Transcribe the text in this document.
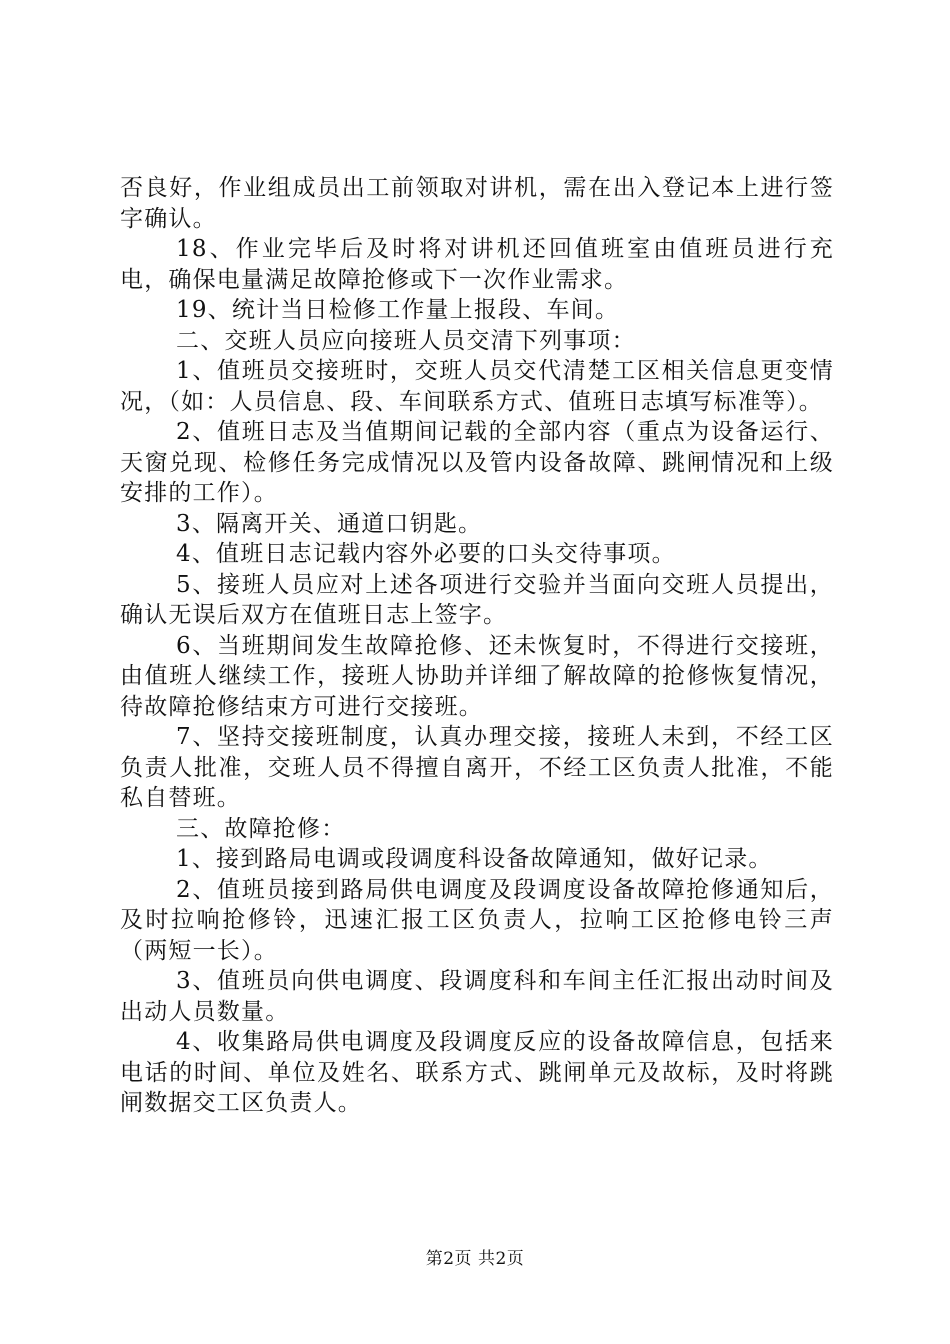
否良好，作业组成员出工前领取对讲机，需在出入登记本上进行签字确认。

18、作业完毕后及时将对讲机还回值班室由值班员进行充电，确保电量满足故障抢修或下一次作业需求。

19、统计当日检修工作量上报段、车间。

二、交班人员应向接班人员交清下列事项：

1、值班员交接班时，交班人员交代清楚工区相关信息更变情况，（如：人员信息、段、车间联系方式、值班日志填写标准等）。

2、值班日志及当值期间记载的全部内容（重点为设备运行、天窗兑现、检修任务完成情况以及管内设备故障、跳闸情况和上级安排的工作）。

3、隔离开关、通道口钥匙。

4、值班日志记载内容外必要的口头交待事项。

5、接班人员应对上述各项进行交验并当面向交班人员提出，确认无误后双方在值班日志上签字。

6、当班期间发生故障抢修、还未恢复时，不得进行交接班，由值班人继续工作，接班人协助并详细了解故障的抢修恢复情况，待故障抢修结束方可进行交接班。

7、坚持交接班制度，认真办理交接，接班人未到，不经工区负责人批准，交班人员不得擅自离开，不经工区负责人批准，不能私自替班。

三、故障抢修：

1、接到路局电调或段调度科设备故障通知，做好记录。

2、值班员接到路局供电调度及段调度设备故障抢修通知后，及时拉响抢修铃，迅速汇报工区负责人，拉响工区抢修电铃三声（两短一长）。

3、值班员向供电调度、段调度科和车间主任汇报出动时间及出动人员数量。

4、收集路局供电调度及段调度反应的设备故障信息，包括来电话的时间、单位及姓名、联系方式、跳闸单元及故标，及时将跳闸数据交工区负责人。

第2页 共2页
